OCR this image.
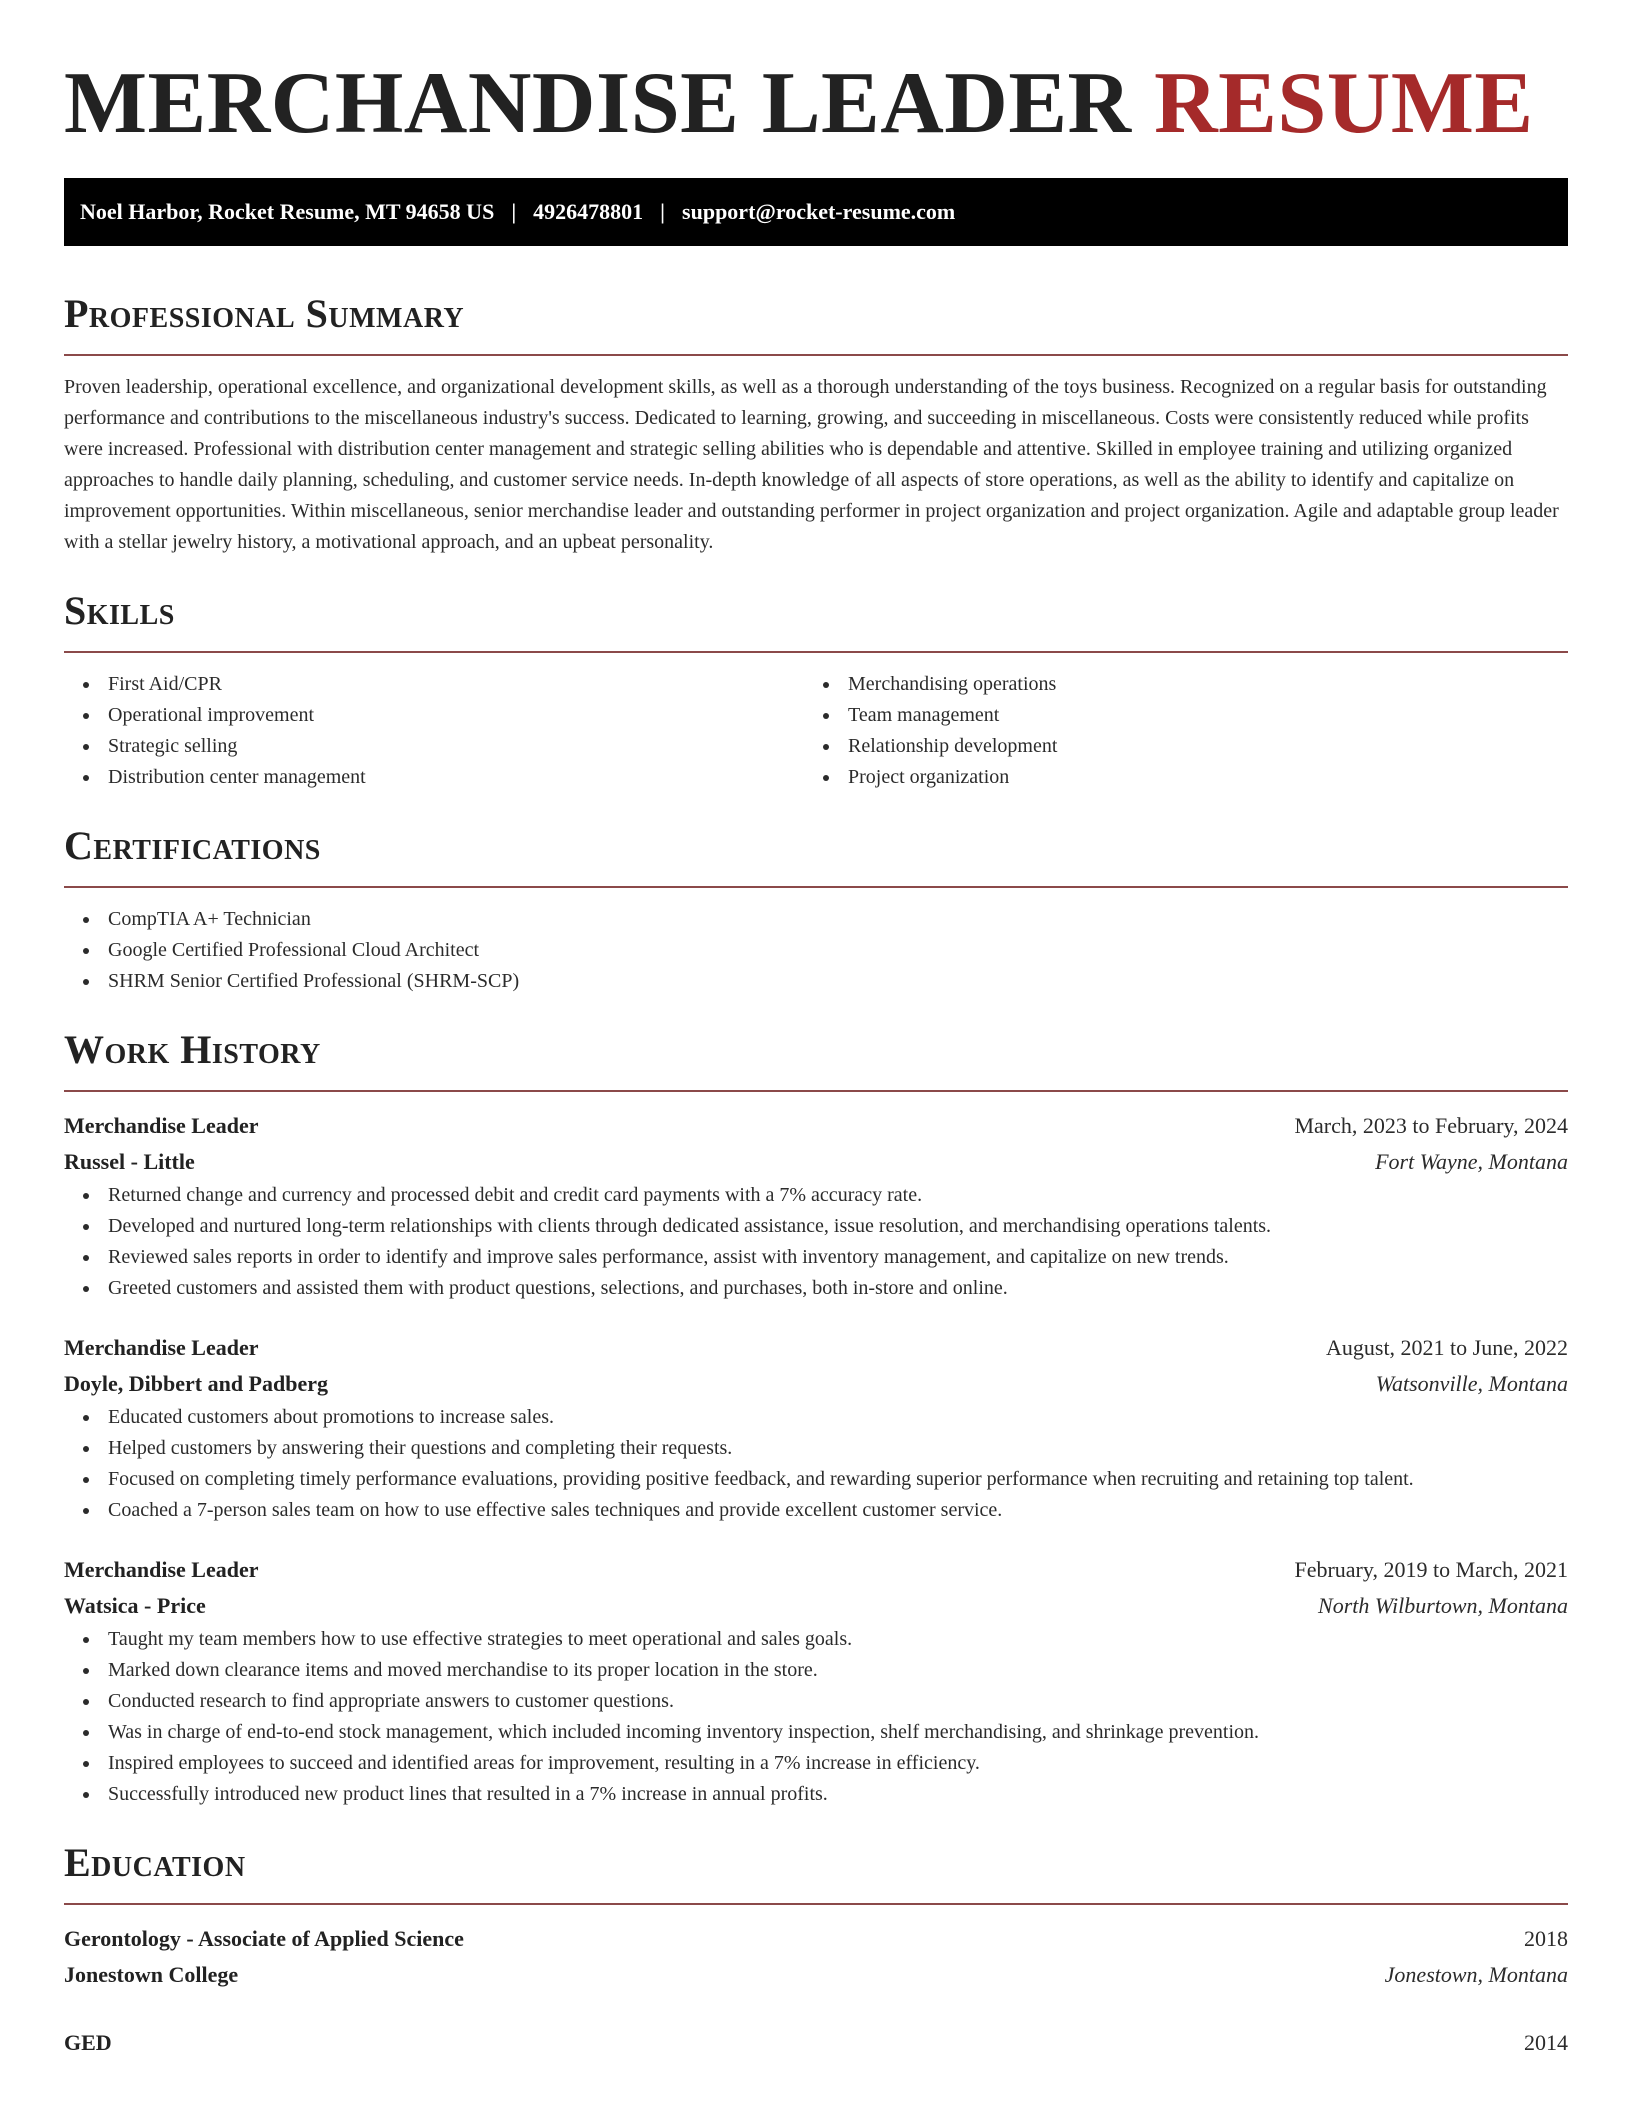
MERCHANDISE LEADER RESUME
Noel Harbor, Rocket Resume, MT 94658 US | 4926478801 | support@rocket-resume.com
Professional Summary

Proven leadership, operational excellence, and organizational development skills, as well as a thorough understanding of the toys business. Recognized on a regular basis for outstanding performance and contributions to the miscellaneous industry's success. Dedicated to learning, growing, and succeeding in miscellaneous. Costs were consistently reduced while profits were increased. Professional with distribution center management and strategic selling abilities who is dependable and attentive. Skilled in employee training and utilizing organized approaches to handle daily planning, scheduling, and customer service needs. In-depth knowledge of all aspects of store operations, as well as the ability to identify and capitalize on improvement opportunities. Within miscellaneous, senior merchandise leader and outstanding performer in project organization and project organization. Agile and adaptable group leader with a stellar jewelry history, a motivational approach, and an upbeat personality.

Skills
First Aid/CPR
Operational improvement
Strategic selling
Distribution center management
Merchandising operations
Team management
Relationship development
Project organization
Certifications
CompTIA A+ Technician
Google Certified Professional Cloud Architect
SHRM Senior Certified Professional (SHRM-SCP)
Work History
Merchandise Leader	March, 2023 to February, 2024
Russel - Little	Fort Wayne, Montana
Returned change and currency and processed debit and credit card payments with a 7% accuracy rate.
Developed and nurtured long-term relationships with clients through dedicated assistance, issue resolution, and merchandising operations talents.
Reviewed sales reports in order to identify and improve sales performance, assist with inventory management, and capitalize on new trends.
Greeted customers and assisted them with product questions, selections, and purchases, both in-store and online.
Merchandise Leader	August, 2021 to June, 2022
Doyle, Dibbert and Padberg	Watsonville, Montana
Educated customers about promotions to increase sales.
Helped customers by answering their questions and completing their requests.
Focused on completing timely performance evaluations, providing positive feedback, and rewarding superior performance when recruiting and retaining top talent.
Coached a 7-person sales team on how to use effective sales techniques and provide excellent customer service.
Merchandise Leader	February, 2019 to March, 2021
Watsica - Price	North Wilburtown, Montana
Taught my team members how to use effective strategies to meet operational and sales goals.
Marked down clearance items and moved merchandise to its proper location in the store.
Conducted research to find appropriate answers to customer questions.
Was in charge of end-to-end stock management, which included incoming inventory inspection, shelf merchandising, and shrinkage prevention.
Inspired employees to succeed and identified areas for improvement, resulting in a 7% increase in efficiency.
Successfully introduced new product lines that resulted in a 7% increase in annual profits.
Education
Gerontology - Associate of Applied Science	2018
Jonestown College	Jonestown, Montana
GED	2014
